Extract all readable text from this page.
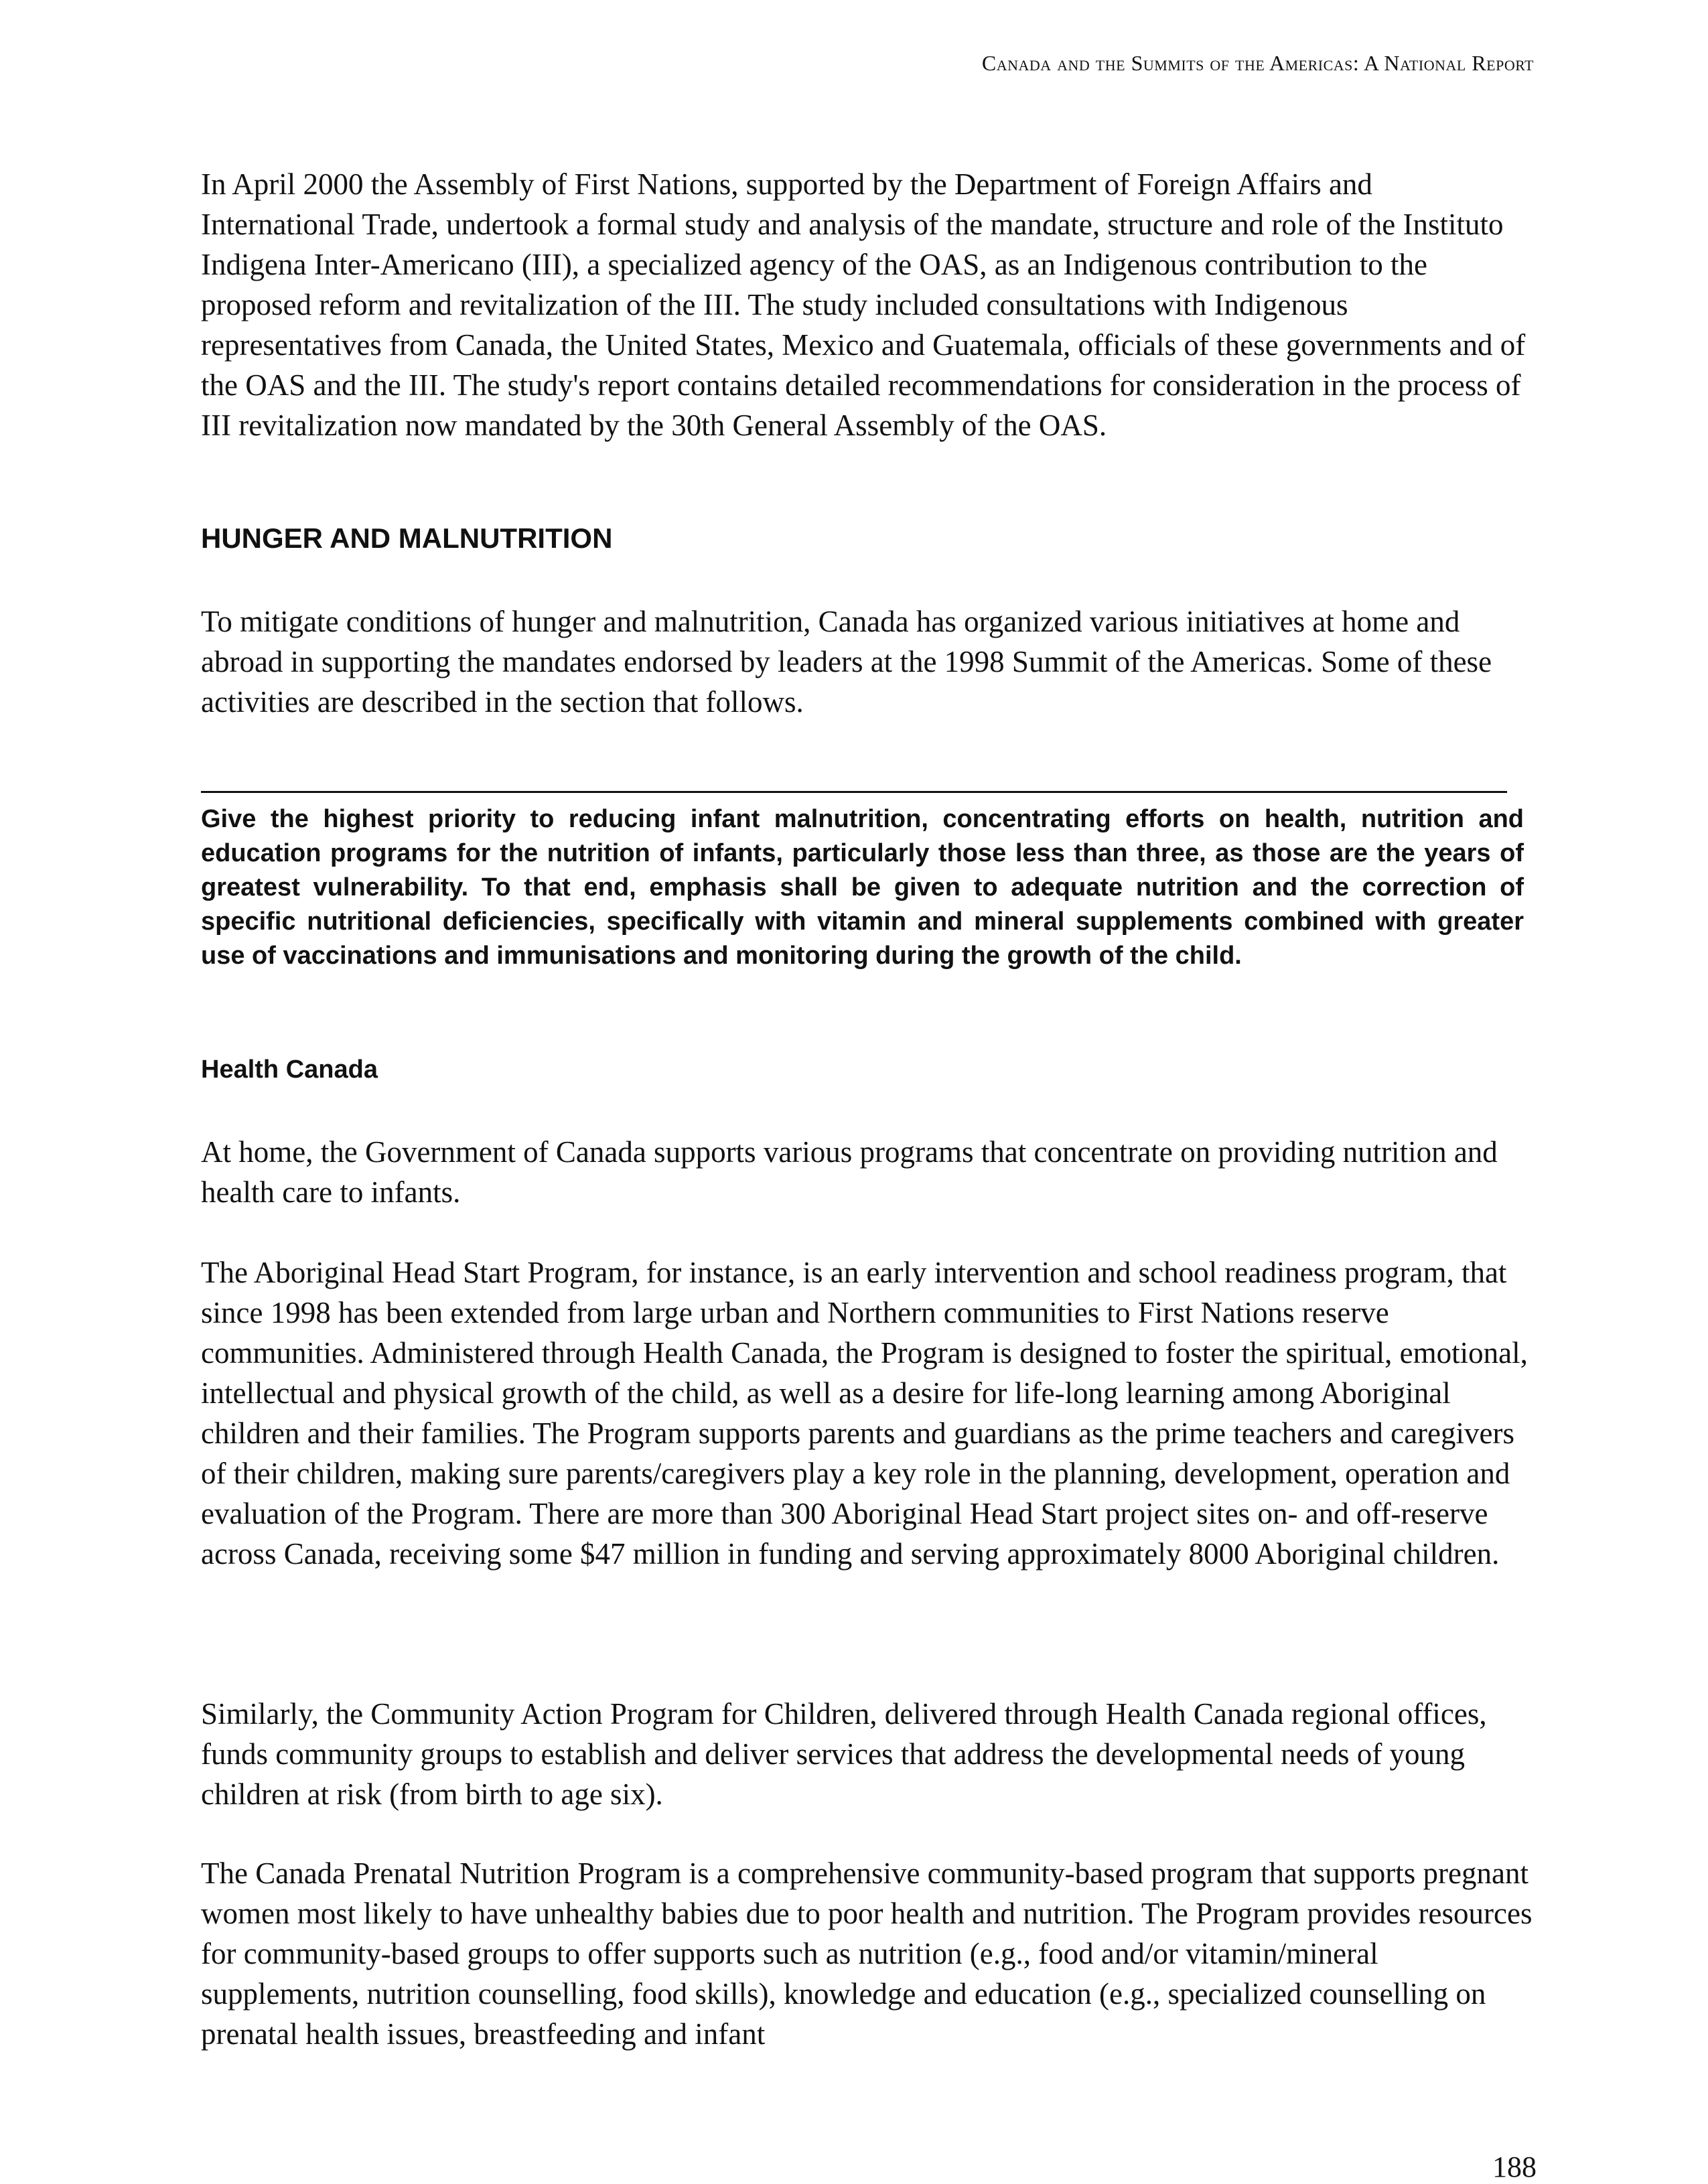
Canada and the Summits of the Americas: A National Report

In April 2000 the Assembly of First Nations, supported by the Department of Foreign Affairs and International Trade, undertook a formal study and analysis of the mandate, structure and role of the Instituto Indigena Inter-Americano (III), a specialized agency of the OAS, as an Indigenous contribution to the proposed reform and revitalization of the III. The study included consultations with Indigenous representatives from Canada, the United States, Mexico and Guatemala, officials of these governments and of the OAS and the III. The study's report contains detailed recommendations for consideration in the process of III revitalization now mandated by the 30th General Assembly of the OAS.

HUNGER AND MALNUTRITION

To mitigate conditions of hunger and malnutrition, Canada has organized various initiatives at home and abroad in supporting the mandates endorsed by leaders at the 1998 Summit of the Americas. Some of these activities are described in the section that follows.

Give the highest priority to reducing infant malnutrition, concentrating efforts on health, nutrition and education programs for the nutrition of infants, particularly those less than three, as those are the years of greatest vulnerability. To that end, emphasis shall be given to adequate nutrition and the correction of specific nutritional deficiencies, specifically with vitamin and mineral supplements combined with greater use of vaccinations and immunisations and monitoring during the growth of the child.

Health Canada

At home, the Government of Canada supports various programs that concentrate on providing nutrition and health care to infants.

The Aboriginal Head Start Program, for instance, is an early intervention and school readiness program, that since 1998 has been extended from large urban and Northern communities to First Nations reserve communities. Administered through Health Canada, the Program is designed to foster the spiritual, emotional, intellectual and physical growth of the child, as well as a desire for life-long learning among Aboriginal children and their families. The Program supports parents and guardians as the prime teachers and caregivers of their children, making sure parents/caregivers play a key role in the planning, development, operation and evaluation of the Program. There are more than 300 Aboriginal Head Start project sites on- and off-reserve across Canada, receiving some $47 million in funding and serving approximately 8000 Aboriginal children.

Similarly, the Community Action Program for Children, delivered through Health Canada regional offices, funds community groups to establish and deliver services that address the developmental needs of young children at risk (from birth to age six).

The Canada Prenatal Nutrition Program is a comprehensive community-based program that supports pregnant women most likely to have unhealthy babies due to poor health and nutrition. The Program provides resources for community-based groups to offer supports such as nutrition (e.g., food and/or vitamin/mineral supplements, nutrition counselling, food skills), knowledge and education (e.g., specialized counselling on prenatal health issues, breastfeeding and infant

188
